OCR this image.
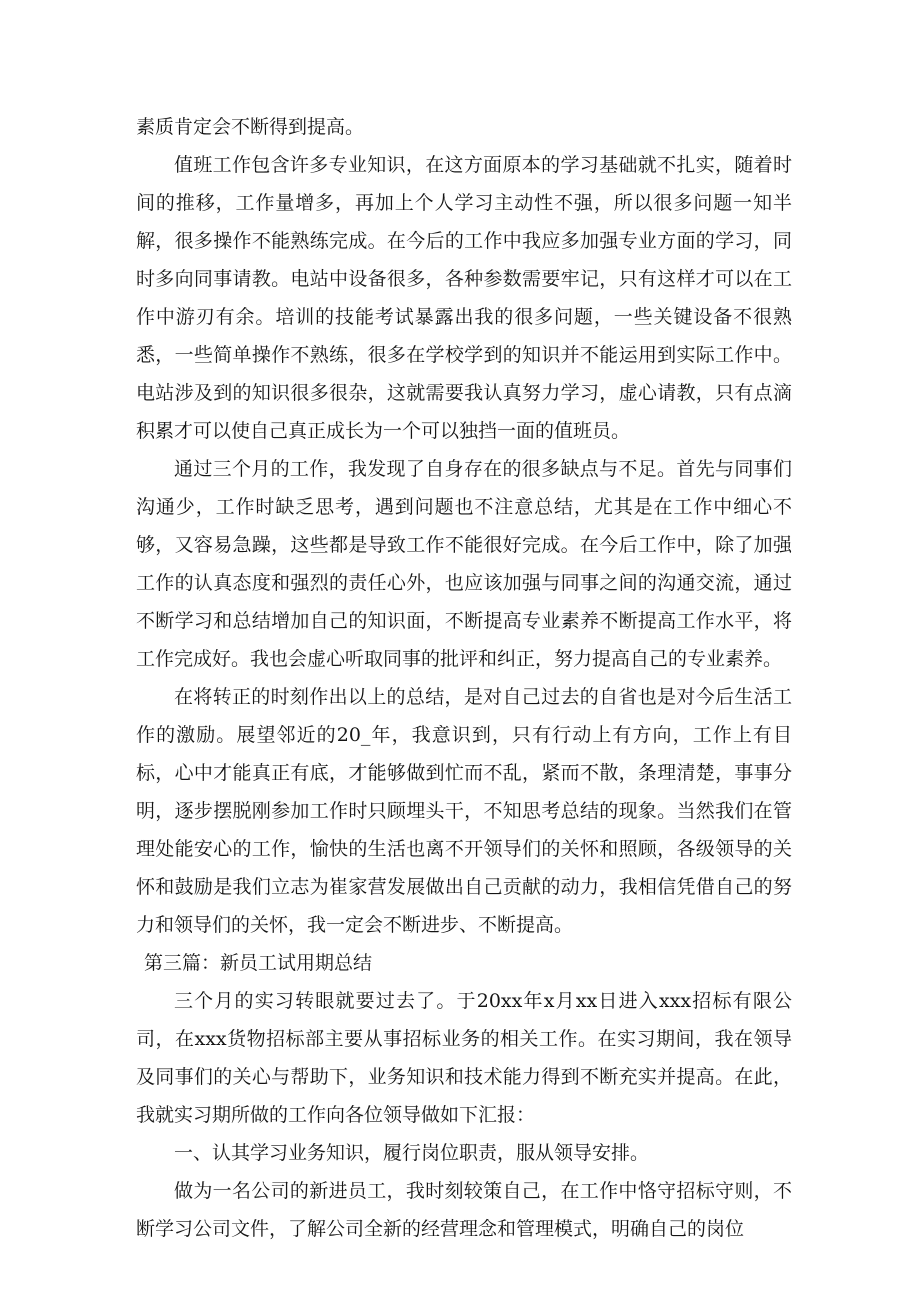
素质肯定会不断得到提高。

值班工作包含许多专业知识，在这方面原本的学习基础就不扎实，随着时间的推移，工作量增多，再加上个人学习主动性不强，所以很多问题一知半解，很多操作不能熟练完成。在今后的工作中我应多加强专业方面的学习，同时多向同事请教。电站中设备很多，各种参数需要牢记，只有这样才可以在工作中游刃有余。培训的技能考试暴露出我的很多问题，一些关键设备不很熟悉，一些简单操作不熟练，很多在学校学到的知识并不能运用到实际工作中。电站涉及到的知识很多很杂，这就需要我认真努力学习，虚心请教，只有点滴积累才可以使自己真正成长为一个可以独挡一面的值班员。

通过三个月的工作，我发现了自身存在的很多缺点与不足。首先与同事们沟通少，工作时缺乏思考，遇到问题也不注意总结，尤其是在工作中细心不够，又容易急躁，这些都是导致工作不能很好完成。在今后工作中，除了加强工作的认真态度和强烈的责任心外，也应该加强与同事之间的沟通交流，通过不断学习和总结增加自己的知识面，不断提高专业素养不断提高工作水平，将工作完成好。我也会虚心听取同事的批评和纠正，努力提高自己的专业素养。

在将转正的时刻作出以上的总结，是对自己过去的自省也是对今后生活工作的激励。展望邻近的20_年，我意识到，只有行动上有方向，工作上有目标，心中才能真正有底，才能够做到忙而不乱，紧而不散，条理清楚，事事分明，逐步摆脱刚参加工作时只顾埋头干，不知思考总结的现象。当然我们在管理处能安心的工作，愉快的生活也离不开领导们的关怀和照顾，各级领导的关怀和鼓励是我们立志为崔家营发展做出自己贡献的动力，我相信凭借自己的努力和领导们的关怀，我一定会不断进步、不断提高。

第三篇：新员工试用期总结

三个月的实习转眼就要过去了。于20xx年x月xx日进入xxx招标有限公司，在xxx货物招标部主要从事招标业务的相关工作。在实习期间，我在领导及同事们的关心与帮助下，业务知识和技术能力得到不断充实并提高。在此，我就实习期所做的工作向各位领导做如下汇报：

一、认其学习业务知识，履行岗位职责，服从领导安排。

做为一名公司的新进员工，我时刻较策自己，在工作中恪守招标守则，不断学习公司文件，了解公司全新的经营理念和管理模式，明确自己的岗位
